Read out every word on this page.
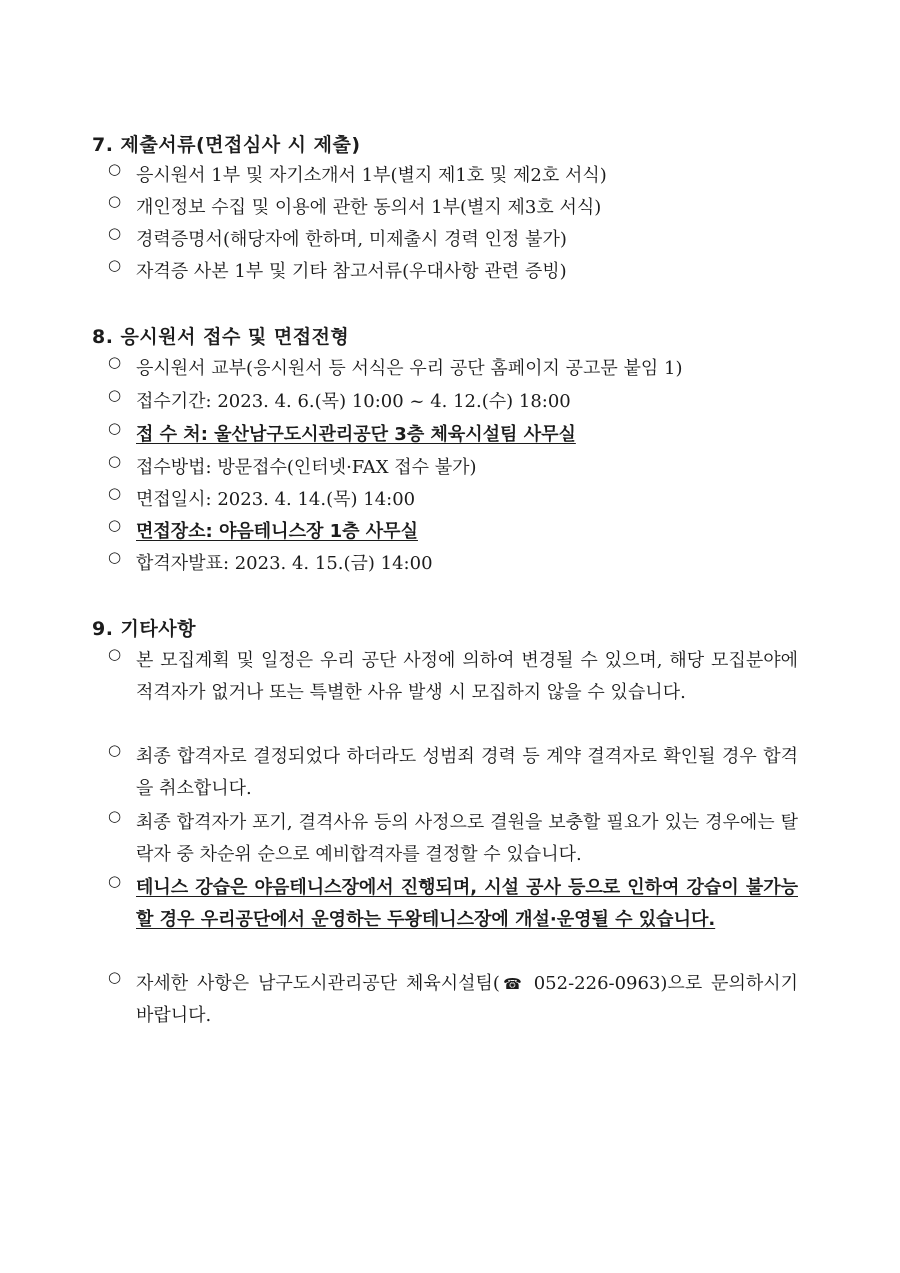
7. 제출서류(면접심사 시 제출)
○ 응시원서 1부 및 자기소개서 1부(별지 제1호 및 제2호 서식)
○ 개인정보 수집 및 이용에 관한 동의서 1부(별지 제3호 서식)
○ 경력증명서(해당자에 한하며, 미제출시 경력 인정 불가)
○ 자격증 사본 1부 및 기타 참고서류(우대사항 관련 증빙)
8. 응시원서 접수 및 면접전형
○ 응시원서 교부(응시원서 등 서식은 우리 공단 홈페이지 공고문 붙임 1)
○ 접수기간: 2023. 4. 6.(목) 10:00 ~ 4. 12.(수) 18:00
○ 접 수 처: 울산남구도시관리공단 3층 체육시설팀 사무실
○ 접수방법: 방문접수(인터넷·FAX 접수 불가)
○ 면접일시: 2023. 4. 14.(목) 14:00
○ 면접장소: 야음테니스장 1층 사무실
○ 합격자발표: 2023. 4. 15.(금) 14:00
9. 기타사항
○ 본 모집계획 및 일정은 우리 공단 사정에 의하여 변경될 수 있으며, 해당 모집분야에 적격자가 없거나 또는 특별한 사유 발생 시 모집하지 않을 수 있습니다.
○ 최종 합격자로 결정되었다 하더라도 성범죄 경력 등 계약 결격자로 확인될 경우 합격을 취소합니다.
○ 최종 합격자가 포기, 결격사유 등의 사정으로 결원을 보충할 필요가 있는 경우에는 탈락자 중 차순위 순으로 예비합격자를 결정할 수 있습니다.
○ 테니스 강습은 야음테니스장에서 진행되며, 시설 공사 등으로 인하여 강습이 불가능할 경우 우리공단에서 운영하는 두왕테니스장에 개설·운영될 수 있습니다.
○ 자세한 사항은 남구도시관리공단 체육시설팀(☎ 052-226-0963)으로 문의하시기 바랍니다.
